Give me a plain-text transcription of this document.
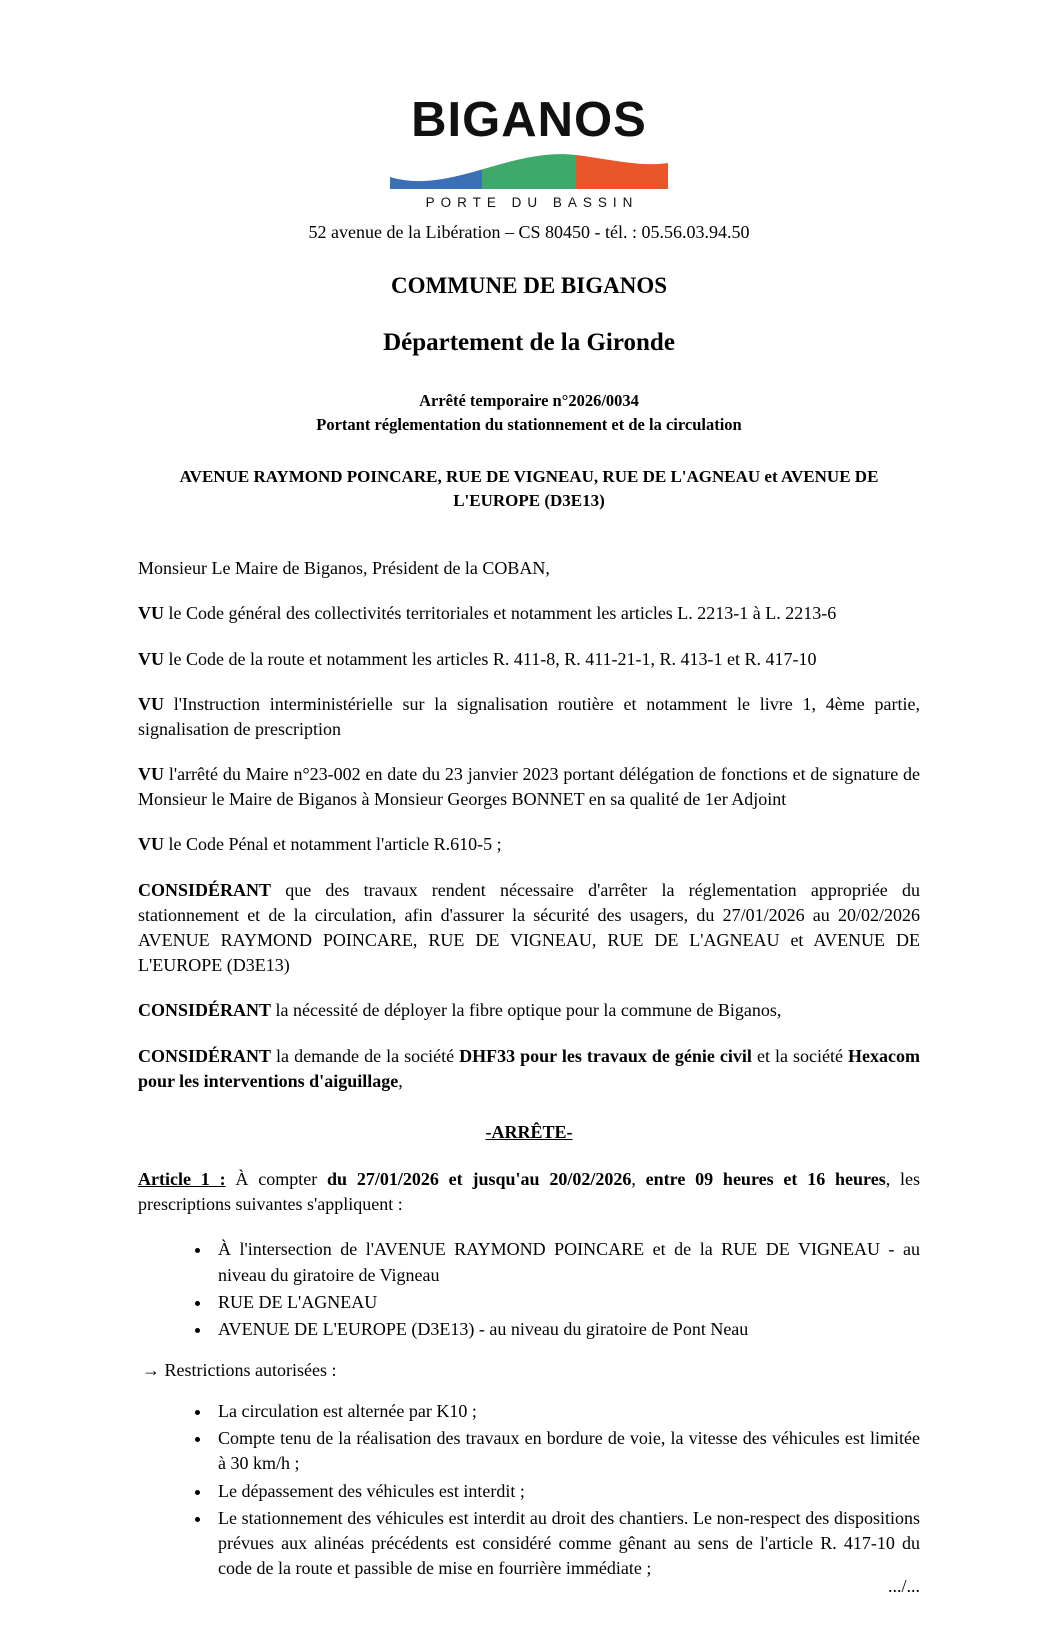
BIGANOS
PORTE DU BASSIN
52 avenue de la Libération – CS 80450 - tél. : 05.56.03.94.50
COMMUNE DE BIGANOS
Département de la Gironde
Arrêté temporaire n°2026/0034
Portant réglementation du stationnement et de la circulation
AVENUE RAYMOND POINCARE, RUE DE VIGNEAU, RUE DE L'AGNEAU et AVENUE DE L'EUROPE (D3E13)

Monsieur Le Maire de Biganos, Président de la COBAN,

VU le Code général des collectivités territoriales et notamment les articles L. 2213-1 à L. 2213-6

VU le Code de la route et notamment les articles R. 411-8, R. 411-21-1, R. 413-1 et R. 417-10

VU l'Instruction interministérielle sur la signalisation routière et notamment le livre 1, 4ème partie, signalisation de prescription

VU l'arrêté du Maire n°23-002 en date du 23 janvier 2023 portant délégation de fonctions et de signature de Monsieur le Maire de Biganos à Monsieur Georges BONNET en sa qualité de 1er Adjoint

VU le Code Pénal et notamment l'article R.610-5 ;

CONSIDÉRANT que des travaux rendent nécessaire d'arrêter la réglementation appropriée du stationnement et de la circulation, afin d'assurer la sécurité des usagers, du 27/01/2026 au 20/02/2026 AVENUE RAYMOND POINCARE, RUE DE VIGNEAU, RUE DE L'AGNEAU et AVENUE DE L'EUROPE (D3E13)

CONSIDÉRANT la nécessité de déployer la fibre optique pour la commune de Biganos,

CONSIDÉRANT la demande de la société DHF33 pour les travaux de génie civil et la société Hexacom pour les interventions d'aiguillage,

-ARRÊTE-

Article 1 : À compter du 27/01/2026 et jusqu'au 20/02/2026, entre 09 heures et 16 heures, les prescriptions suivantes s'appliquent :

• À l'intersection de l'AVENUE RAYMOND POINCARE et de la RUE DE VIGNEAU - au niveau du giratoire de Vigneau
• RUE DE L'AGNEAU
• AVENUE DE L'EUROPE (D3E13) - au niveau du giratoire de Pont Neau
→ Restrictions autorisées :
• La circulation est alternée par K10 ;
• Compte tenu de la réalisation des travaux en bordure de voie, la vitesse des véhicules est limitée à 30 km/h ;
• Le dépassement des véhicules est interdit ;
• Le stationnement des véhicules est interdit au droit des chantiers. Le non-respect des dispositions prévues aux alinéas précédents est considéré comme gênant au sens de l'article R. 417-10 du code de la route et passible de mise en fourrière immédiate ;
.../...
